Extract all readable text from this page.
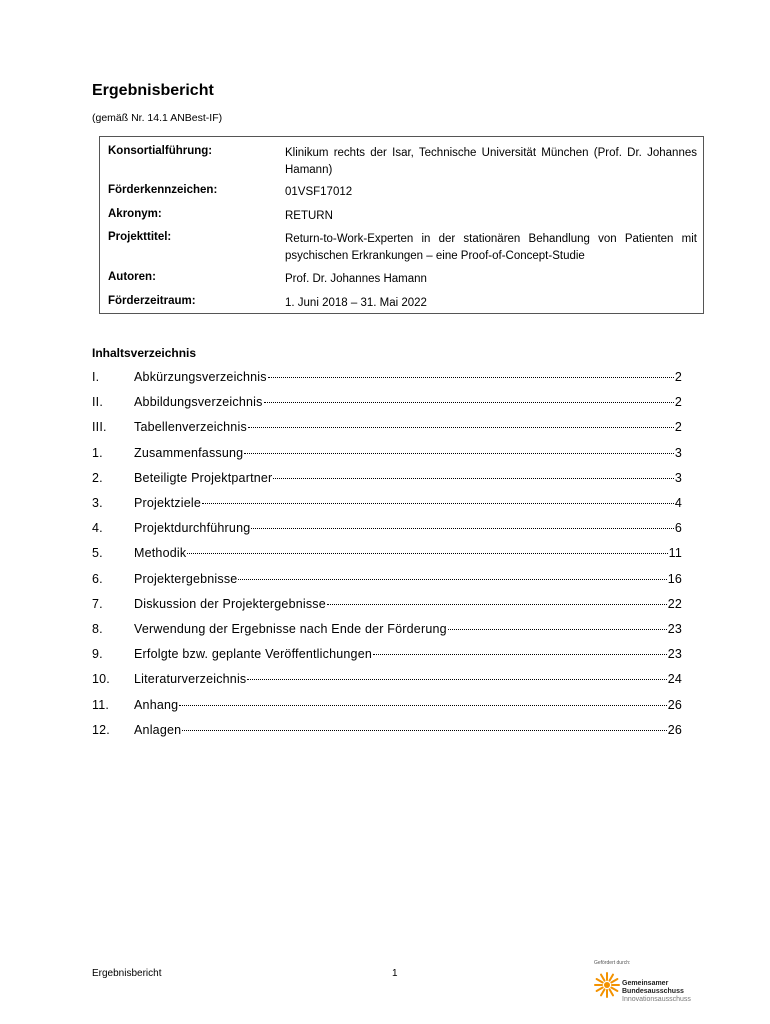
Ergebnisbericht
(gemäß Nr. 14.1 ANBest-IF)
Konsortialführung:	Klinikum rechts der Isar, Technische Universität München (Prof. Dr. Johannes Hamann)
Förderkennzeichen:	01VSF17012
Akronym:	RETURN
Projekttitel:	Return-to-Work-Experten in der stationären Behandlung von Patienten mit psychischen Erkrankungen – eine Proof-of-Concept-Studie
Autoren:	Prof. Dr. Johannes Hamann
Förderzeitraum:	1. Juni 2018 – 31. Mai 2022
Inhaltsverzeichnis
I.	Abkürzungsverzeichnis	2
II. Abbildungsverzeichnis	2
III. Tabellenverzeichnis	2
1. Zusammenfassung	3
2. Beteiligte Projektpartner	3
3. Projektziele	4
4. Projektdurchführung	6
5. Methodik	11
6. Projektergebnisse	16
7. Diskussion der Projektergebnisse	22
8. Verwendung der Ergebnisse nach Ende der Förderung	23
9. Erfolgte bzw. geplante Veröffentlichungen	23
10. Literaturverzeichnis	24
11. Anhang	26
12. Anlagen	26
Ergebnisbericht	1
Gefördert durch:
Gemeinsamer
Bundesausschuss
Innovationsausschuss
